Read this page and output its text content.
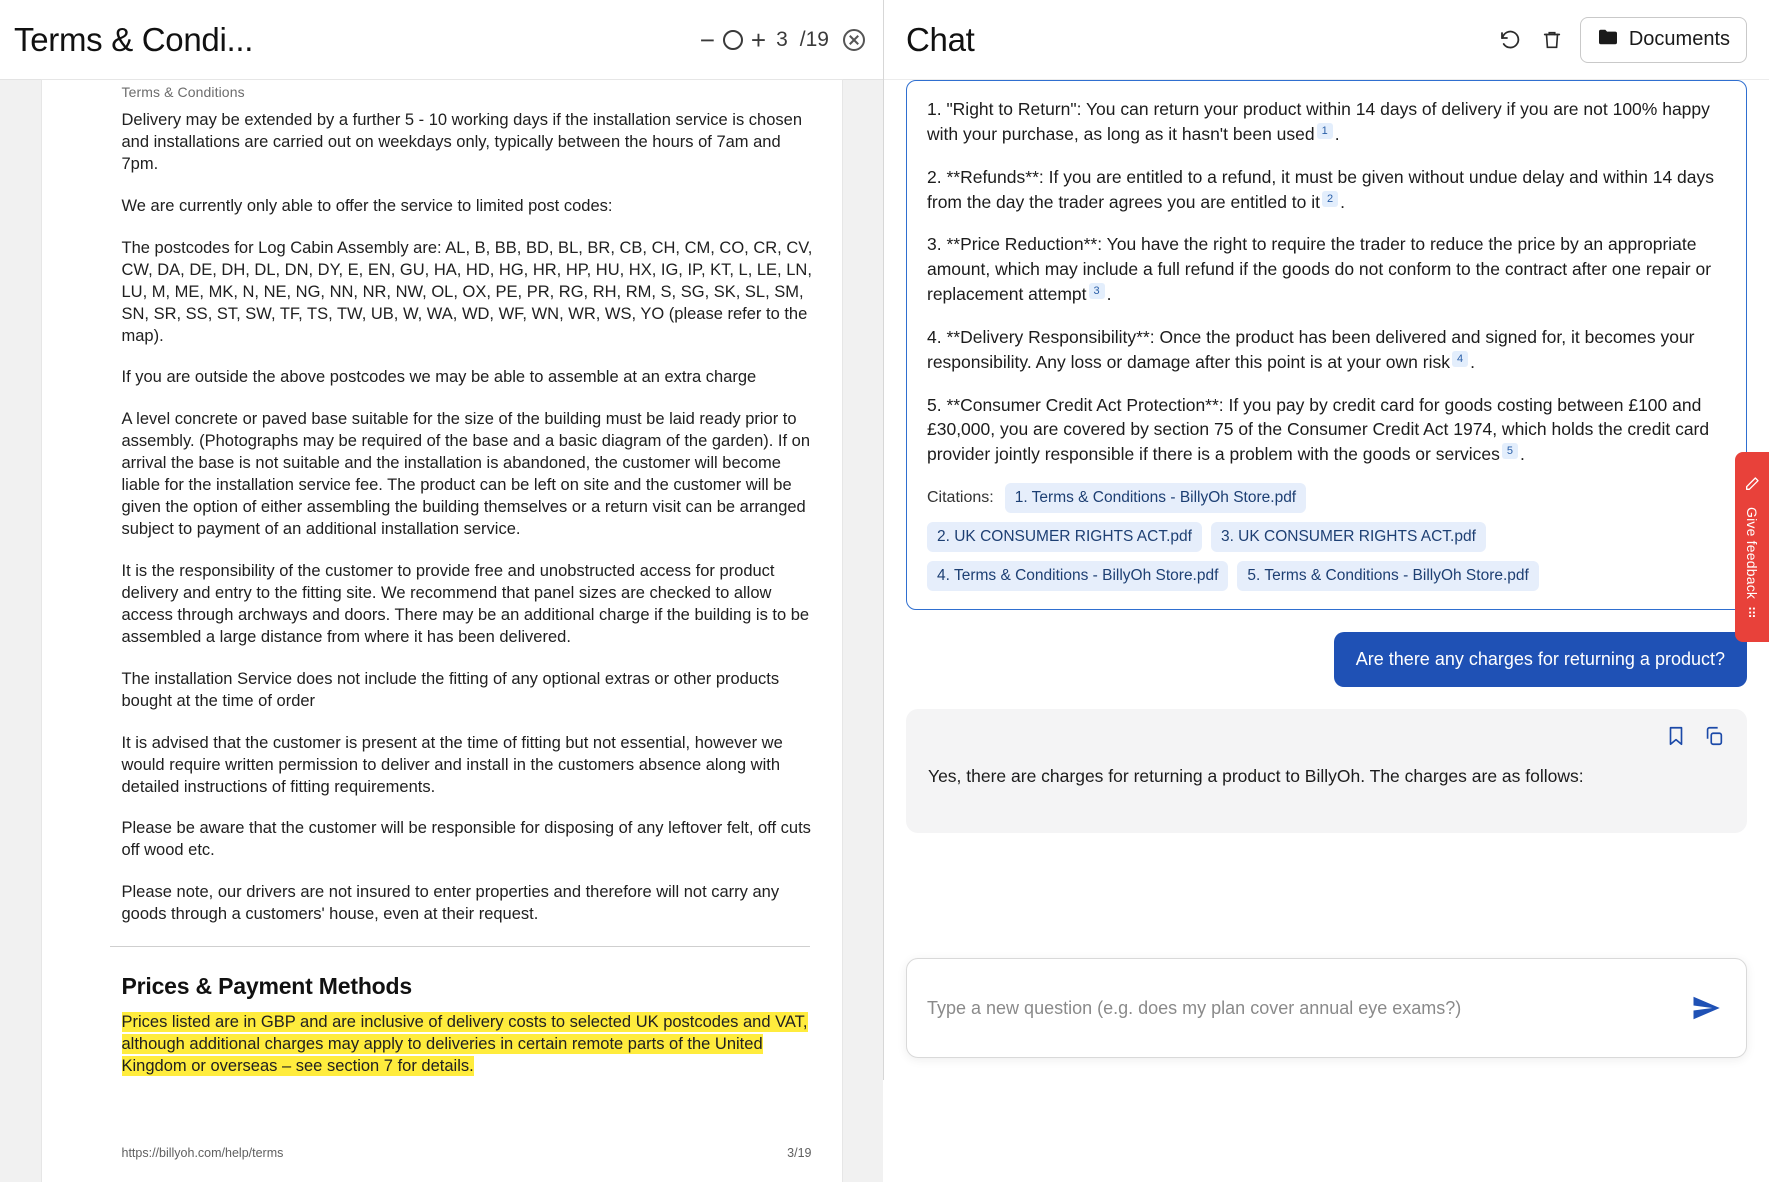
Terms & Condi...	− + 3 /19
Terms & Conditions

Delivery may be extended by a further 5 - 10 working days if the installation service is chosen and installations are carried out on weekdays only, typically between the hours of 7am and 7pm.

We are currently only able to offer the service to limited post codes:

The postcodes for Log Cabin Assembly are: AL, B, BB, BD, BL, BR, CB, CH, CM, CO, CR, CV, CW, DA, DE, DH, DL, DN, DY, E, EN, GU, HA, HD, HG, HR, HP, HU, HX, IG, IP, KT, L, LE, LN, LU, M, ME, MK, N, NE, NG, NN, NR, NW, OL, OX, PE, PR, RG, RH, RM, S, SG, SK, SL, SM, SN, SR, SS, ST, SW, TF, TS, TW, UB, W, WA, WD, WF, WN, WR, WS, YO (please refer to the map).

If you are outside the above postcodes we may be able to assemble at an extra charge

A level concrete or paved base suitable for the size of the building must be laid ready prior to assembly. (Photographs may be required of the base and a basic diagram of the garden). If on arrival the base is not suitable and the installation is abandoned, the customer will become liable for the installation service fee. The product can be left on site and the customer will be given the option of either assembling the building themselves or a return visit can be arranged subject to payment of an additional installation service.

It is the responsibility of the customer to provide free and unobstructed access for product delivery and entry to the fitting site. We recommend that panel sizes are checked to allow access through archways and doors. There may be an additional charge if the building is to be assembled a large distance from where it has been delivered.

The installation Service does not include the fitting of any optional extras or other products bought at the time of order

It is advised that the customer is present at the time of fitting but not essential, however we would require written permission to deliver and install in the customers absence along with detailed instructions of fitting requirements.

Please be aware that the customer will be responsible for disposing of any leftover felt, off cuts off wood etc.

Please note, our drivers are not insured to enter properties and therefore will not carry any goods through a customers' house, even at their request.

Prices & Payment Methods

Prices listed are in GBP and are inclusive of delivery costs to selected UK postcodes and VAT, although additional charges may apply to deliveries in certain remote parts of the United Kingdom or overseas – see section 7 for details.

https://billyoh.com/help/terms	3/19
Chat	Documents

1. "Right to Return": You can return your product within 14 days of delivery if you are not 100% happy with your purchase, as long as it hasn't been used 1 .

2. **Refunds**: If you are entitled to a refund, it must be given without undue delay and within 14 days from the day the trader agrees you are entitled to it 2 .

3. **Price Reduction**: You have the right to require the trader to reduce the price by an appropriate amount, which may include a full refund if the goods do not conform to the contract after one repair or replacement attempt 3 .

4. **Delivery Responsibility**: Once the product has been delivered and signed for, it becomes your responsibility. Any loss or damage after this point is at your own risk 4 .

5. **Consumer Credit Act Protection**: If you pay by credit card for goods costing between £100 and £30,000, you are covered by section 75 of the Consumer Credit Act 1974, which holds the credit card provider jointly responsible if there is a problem with the goods or services 5 .

Citations:	1. Terms & Conditions - BillyOh Store.pdf
2. UK CONSUMER RIGHTS ACT.pdf	3. UK CONSUMER RIGHTS ACT.pdf
4. Terms & Conditions - BillyOh Store.pdf	5. Terms & Conditions - BillyOh Store.pdf
Are there any charges for returning a product?

Yes, there are charges for returning a product to BillyOh. The charges are as follows:

Type a new question (e.g. does my plan cover annual eye exams?)
Give feedback
⠿
